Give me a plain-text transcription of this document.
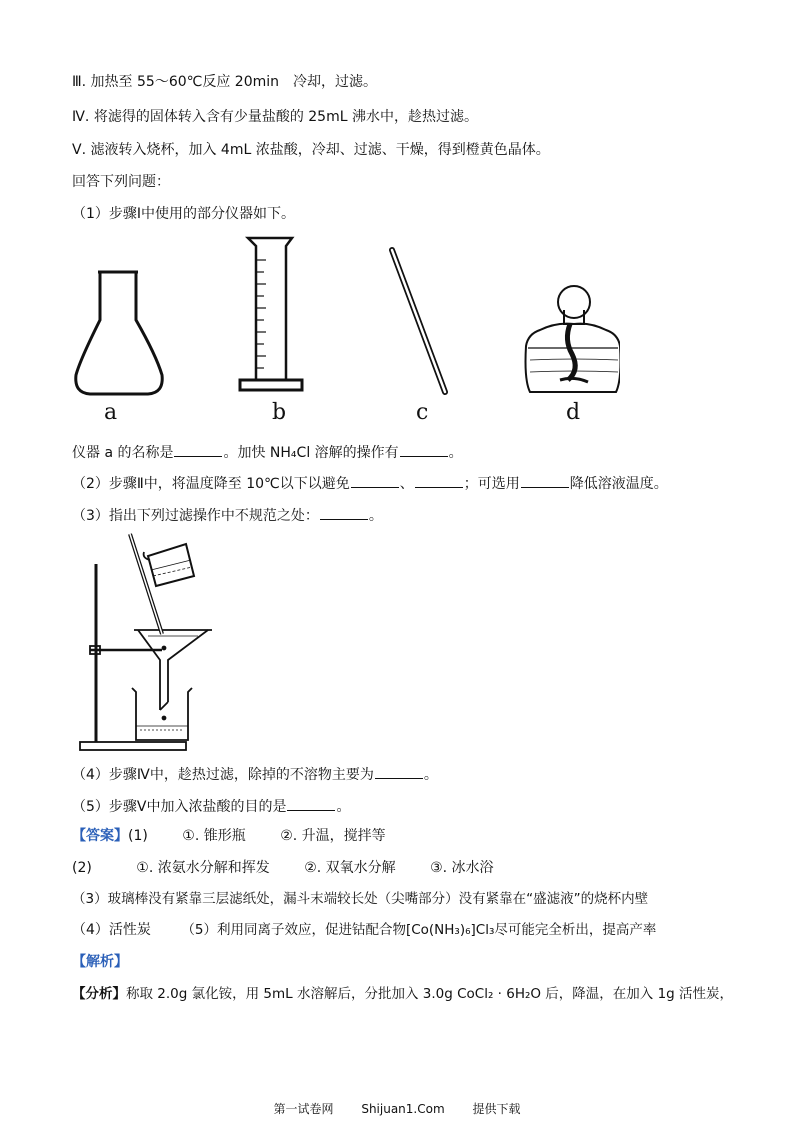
Ⅲ. 加热至 55～60℃反应 20min　冷却，过滤。
Ⅳ. 将滤得的固体转入含有少量盐酸的 25mL 沸水中，趁热过滤。
Ⅴ. 滤液转入烧杯，加入 4mL 浓盐酸，冷却、过滤、干燥，得到橙黄色晶体。
回答下列问题：
（1）步骤Ⅰ中使用的部分仪器如下。
a	b	c	d
仪器 a 的名称是	。加快 NH₄Cl 溶解的操作有	。
（2）步骤Ⅱ中，将温度降至 10℃以下以避免	、	；可选用	降低溶液温度。
（3）指出下列过滤操作中不规范之处：	。
（4）步骤Ⅳ中，趁热过滤，除掉的不溶物主要为	。
（5）步骤Ⅴ中加入浓盐酸的目的是	。
【答案】(1) ①. 锥形瓶 ②. 升温，搅拌等
(2)	①. 浓氨水分解和挥发 ②. 双氧水分解 ③. 冰水浴
（3）玻璃棒没有紧靠三层滤纸处，漏斗末端较长处（尖嘴部分）没有紧靠在“盛滤液”的烧杯内壁
（4）活性炭 （5）利用同离子效应，促进钴配合物[Co(NH₃)₆]Cl₃尽可能完全析出，提高产率
【解析】
【分析】称取 2.0g 氯化铵，用 5mL 水溶解后，分批加入 3.0g CoCl₂ · 6H₂O 后，降温，在加入 1g 活性炭，
第一试卷网 Shijuan1.Com 提供下载
